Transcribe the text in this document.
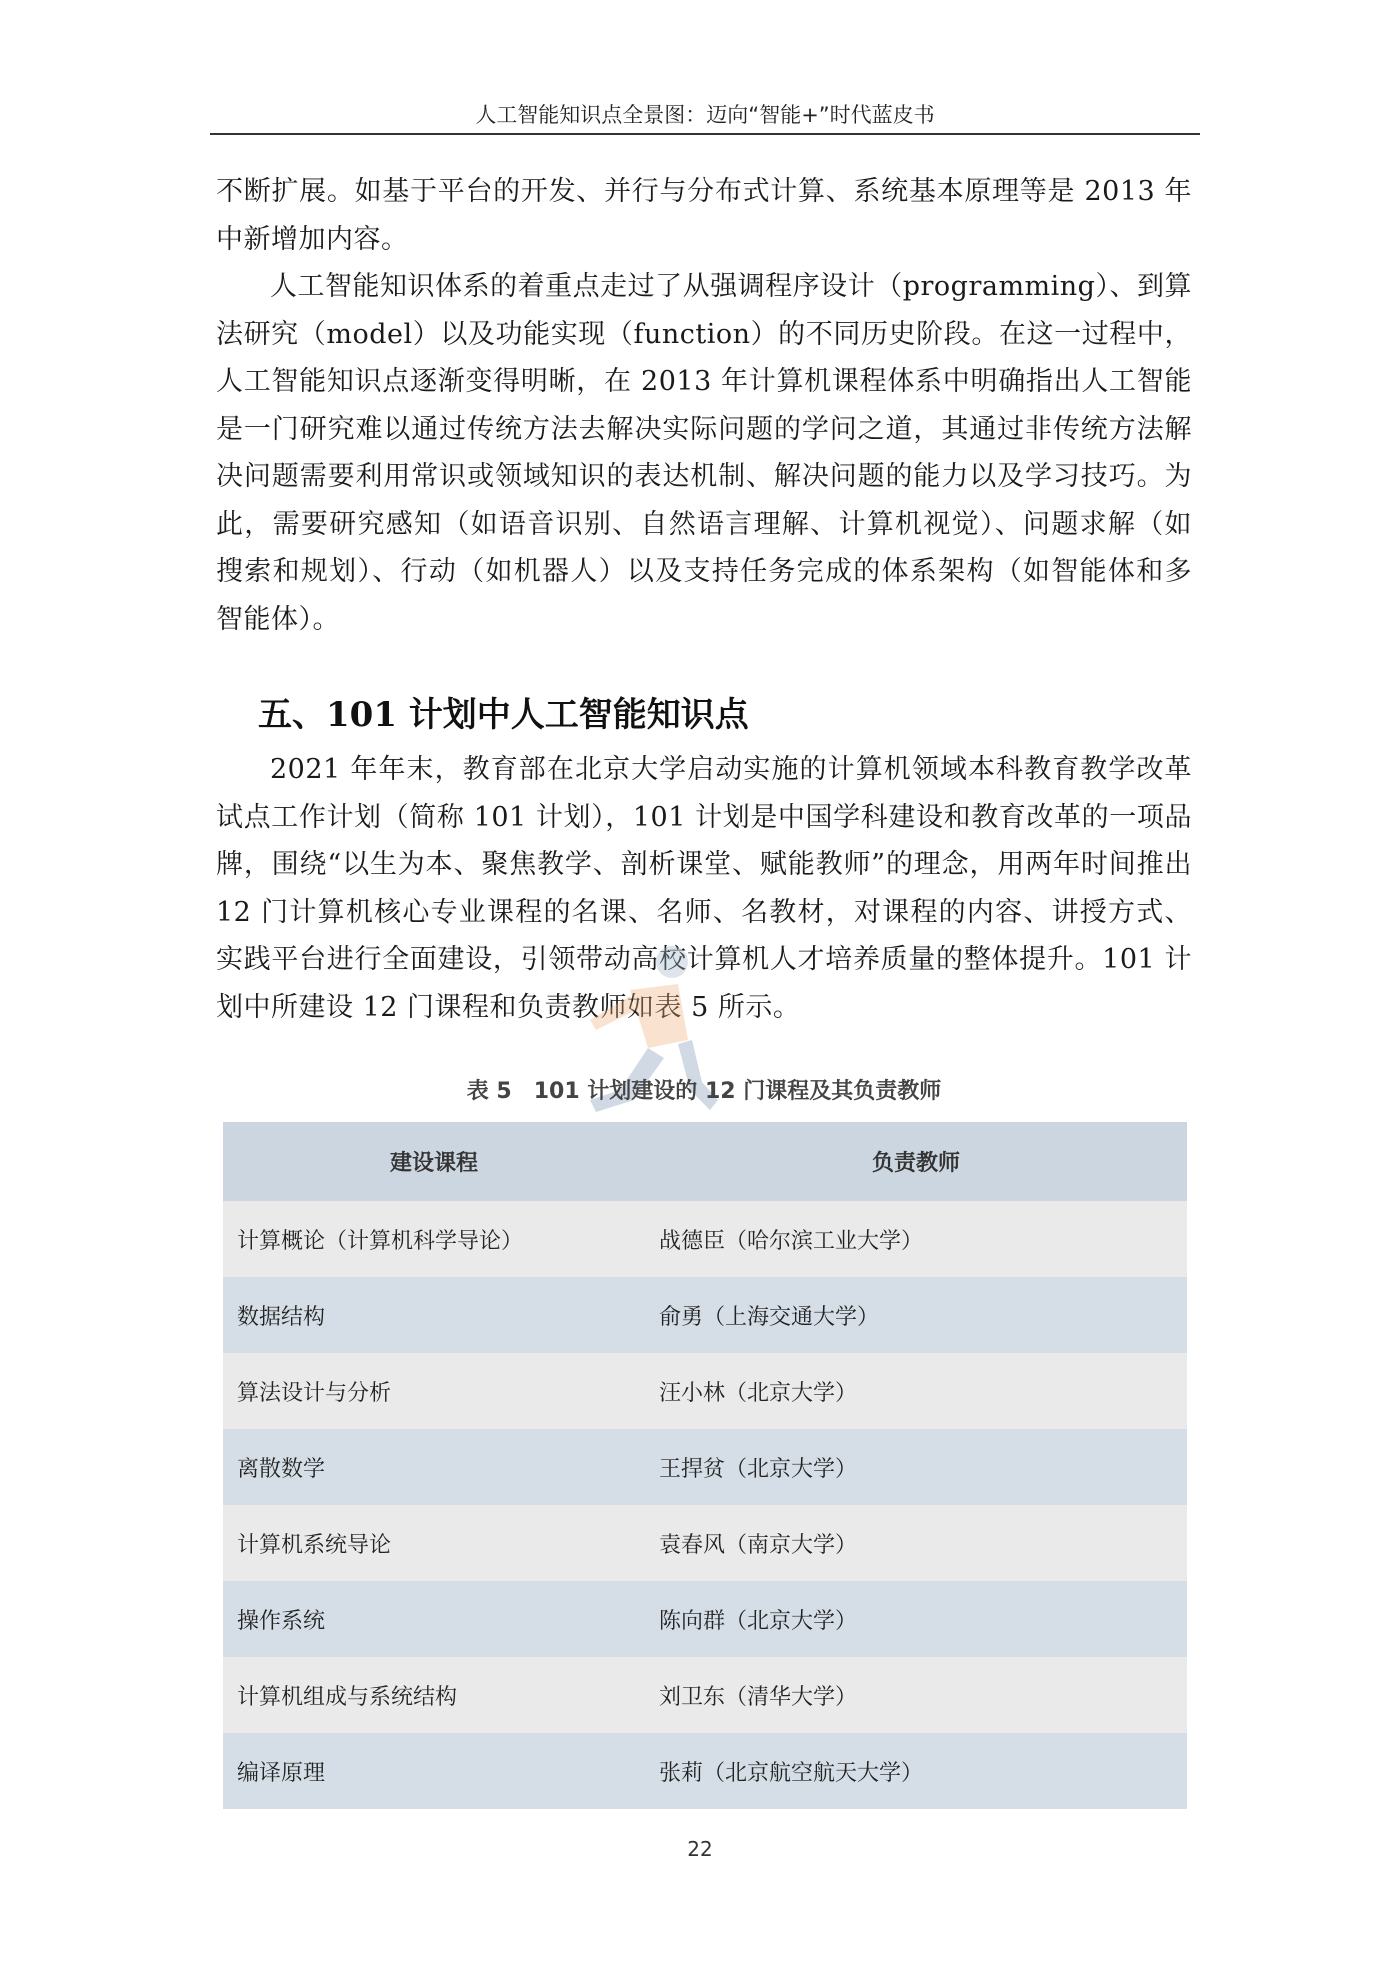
人工智能知识点全景图：迈向“智能+”时代蓝皮书

不断扩展。如基于平台的开发、并行与分布式计算、系统基本原理等是 2013 年中新增加内容。

人工智能知识体系的着重点走过了从强调程序设计（programming）、到算法研究（model）以及功能实现（function）的不同历史阶段。在这一过程中，人工智能知识点逐渐变得明晰，在 2013 年计算机课程体系中明确指出人工智能是一门研究难以通过传统方法去解决实际问题的学问之道，其通过非传统方法解决问题需要利用常识或领域知识的表达机制、解决问题的能力以及学习技巧。为此，需要研究感知（如语音识别、自然语言理解、计算机视觉）、问题求解（如搜索和规划）、行动（如机器人）以及支持任务完成的体系架构（如智能体和多智能体）。

五、101 计划中人工智能知识点

2021 年年末，教育部在北京大学启动实施的计算机领域本科教育教学改革试点工作计划（简称 101 计划），101 计划是中国学科建设和教育改革的一项品牌，围绕“以生为本、聚焦教学、剖析课堂、赋能教师”的理念，用两年时间推出 12 门计算机核心专业课程的名课、名师、名教材，对课程的内容、讲授方式、实践平台进行全面建设，引领带动高校计算机人才培养质量的整体提升。101 计划中所建设 12 门课程和负责教师如表 5 所示。

表 5　101 计划建设的 12 门课程及其负责教师
建设课程	负责教师
计算概论（计算机科学导论）	战德臣（哈尔滨工业大学）
数据结构	俞勇（上海交通大学）
算法设计与分析	汪小林（北京大学）
离散数学	王捍贫（北京大学）
计算机系统导论	袁春风（南京大学）
操作系统	陈向群（北京大学）
计算机组成与系统结构	刘卫东（清华大学）
编译原理	张莉（北京航空航天大学）
22
